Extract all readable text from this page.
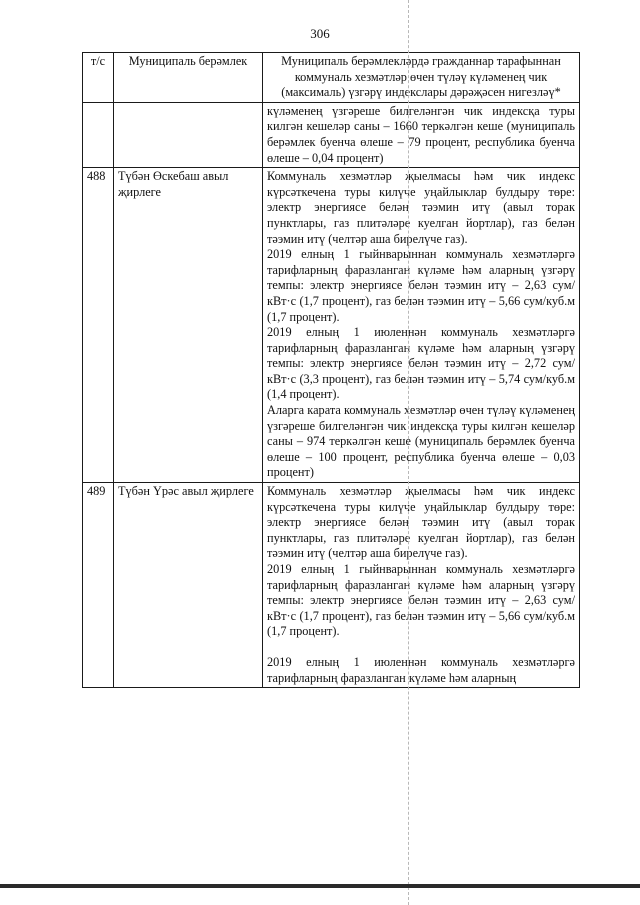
306
т/с	Муниципаль берәмлек	Муниципаль берәмлекләрдә гражданнар тарафыннан коммуналь хезмәтләр өчен түләү күләменең чик (максималь) үзгәрү индекслары дәрәҗәсен нигезләү*

		күләменең үзгәреше билгеләнгән чик индексқа туры килгән кешеләр саны – 1660 теркәлгән кеше (муниципаль берәмлек буенча өлеше – 79 процент, республика буенча өлеше – 0,04 процент)

488	Түбән Өскебаш авыл җирлеге	Коммуналь хезмәтләр җыелмасы һәм чик индекс күрсәткечена туры килүче уңайлыклар булдыру төре: электр энергиясе белән тәэмин итү (авыл торак пунктлары, газ плитәләре куелган йортлар), газ белән тәэмин итү (челтәр аша бирелүче газ).

2019 елның 1 гыйнварыннан коммуналь хезмәтләргә тарифларның фаразланган күләме һәм аларның үзгәрү темпы: электр энергиясе белән тәэмин итү – 2,63 сум/кВт·с (1,7 процент), газ белән тәэмин итү – 5,66 сум/куб.м (1,7 процент).

2019 елның 1 июленнән коммуналь хезмәтләргә тарифларның фаразланган күләме һәм аларның үзгәрү темпы: электр энергиясе белән тәэмин итү – 2,72 сум/кВт·с (3,3 процент), газ белән тәэмин итү – 5,74 сум/куб.м (1,4 процент).

Аларга карата коммуналь хезмәтләр өчен түләү күләменең үзгәреше билгеләнгән чик индексқа туры килгән кешеләр саны – 974 теркәлгән кеше (муниципаль берәмлек буенча өлеше – 100 процент, республика буенча өлеше – 0,03 процент)

489	Түбән Үрәс авыл җирлеге	Коммуналь хезмәтләр җыелмасы һәм чик индекс күрсәткечена туры килүче уңайлыклар булдыру төре: электр энергиясе белән тәэмин итү (авыл торак пунктлары, газ плитәләре куелган йортлар), газ белән тәэмин итү (челтәр аша бирелүче газ).

2019 елның 1 гыйнварыннан коммуналь хезмәтләргә тарифларның фаразланган күләме һәм аларның үзгәрү темпы: электр энергиясе белән тәэмин итү – 2,63 сум/кВт·с (1,7 процент), газ белән тәэмин итү – 5,66 сум/куб.м (1,7 процент).

2019 елның 1 июленнән коммуналь хезмәтләргә тарифларның фаразланган күләме һәм аларның
